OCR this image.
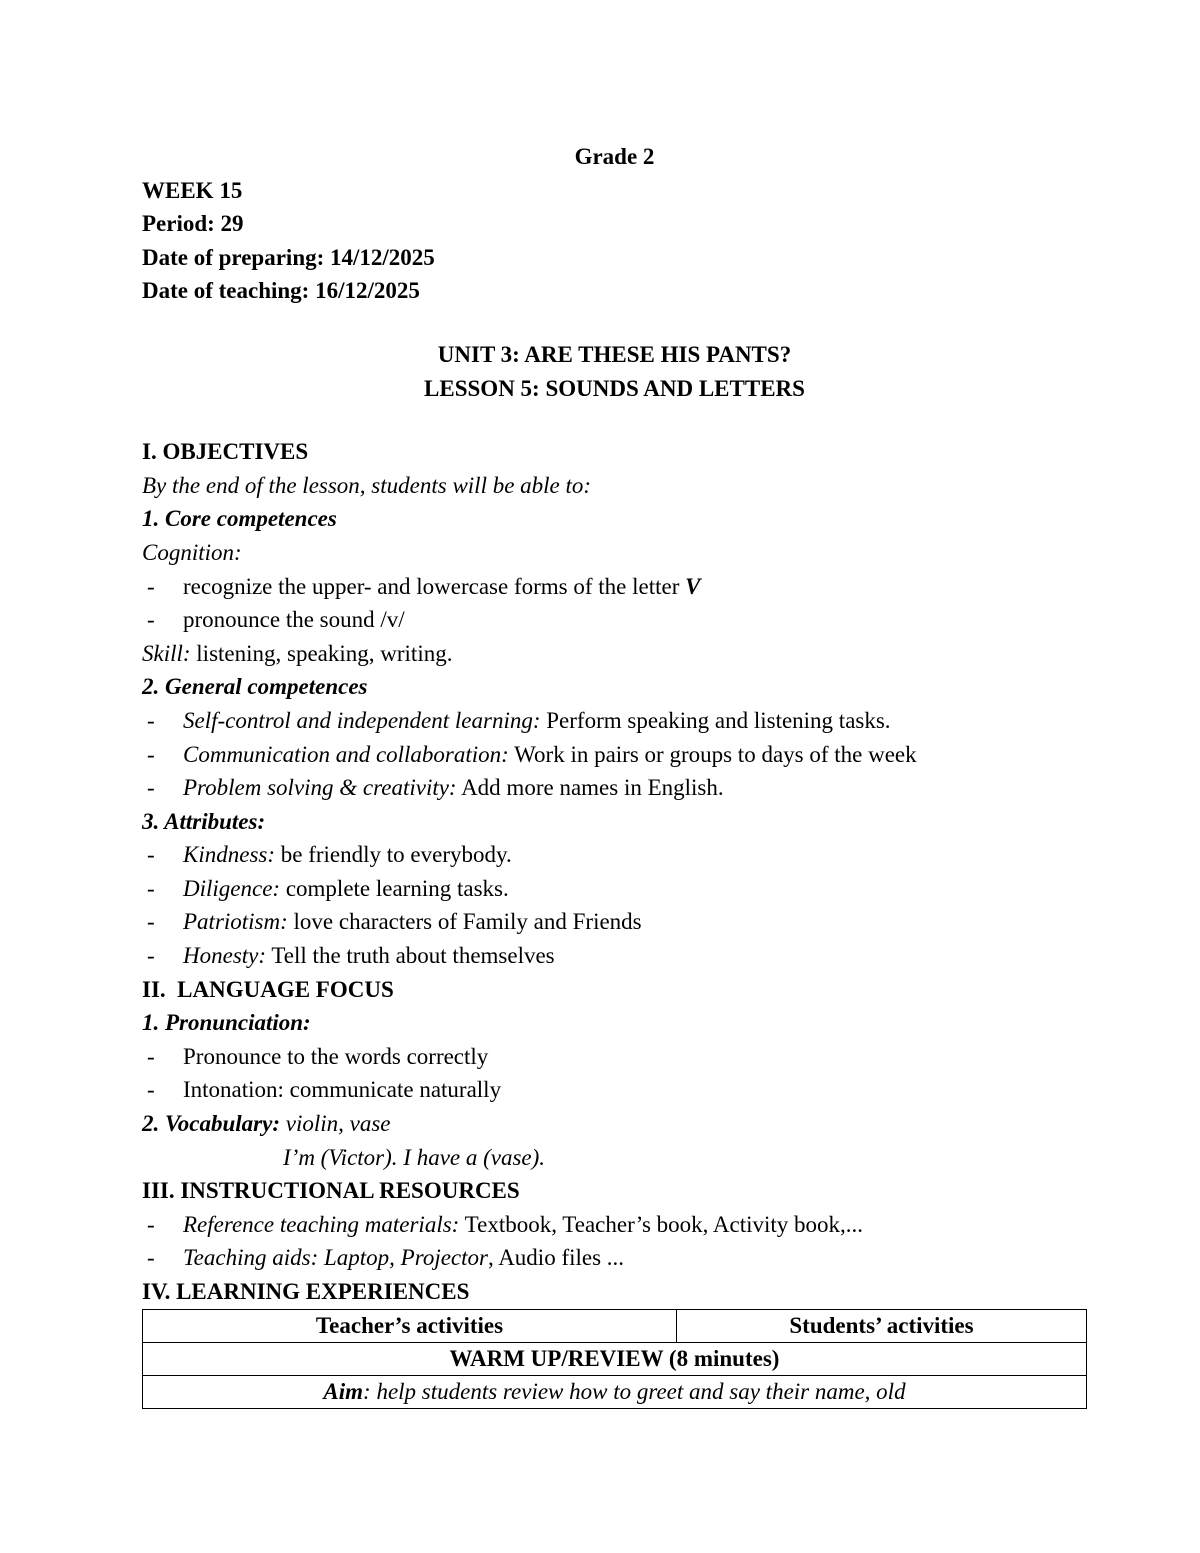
Grade 2
WEEK 15
Period: 29
Date of preparing: 14/12/2025
Date of teaching: 16/12/2025
UNIT 3: ARE THESE HIS PANTS?
LESSON 5: SOUNDS AND LETTERS
I. OBJECTIVES
By the end of the lesson, students will be able to:
1. Core competences
Cognition:
- recognize the upper- and lowercase forms of the letter V
- pronounce the sound /v/
Skill: listening, speaking, writing.
2. General competences
- Self-control and independent learning: Perform speaking and listening tasks.
- Communication and collaboration: Work in pairs or groups to days of the week
- Problem solving & creativity: Add more names in English.
3. Attributes:
- Kindness: be friendly to everybody.
- Diligence: complete learning tasks.
- Patriotism: love characters of Family and Friends
- Honesty: Tell the truth about themselves
II.  LANGUAGE FOCUS
1. Pronunciation:
- Pronounce to the words correctly
- Intonation: communicate naturally
2. Vocabulary: violin, vase
I’m (Victor). I have a (vase).
III. INSTRUCTIONAL RESOURCES
- Reference teaching materials: Textbook, Teacher’s book, Activity book,...
- Teaching aids: Laptop, Projector, Audio files ...
IV. LEARNING EXPERIENCES
Teacher’s activities	Students’ activities
WARM UP/REVIEW (8 minutes)
Aim: help students review how to greet and say their name, old
